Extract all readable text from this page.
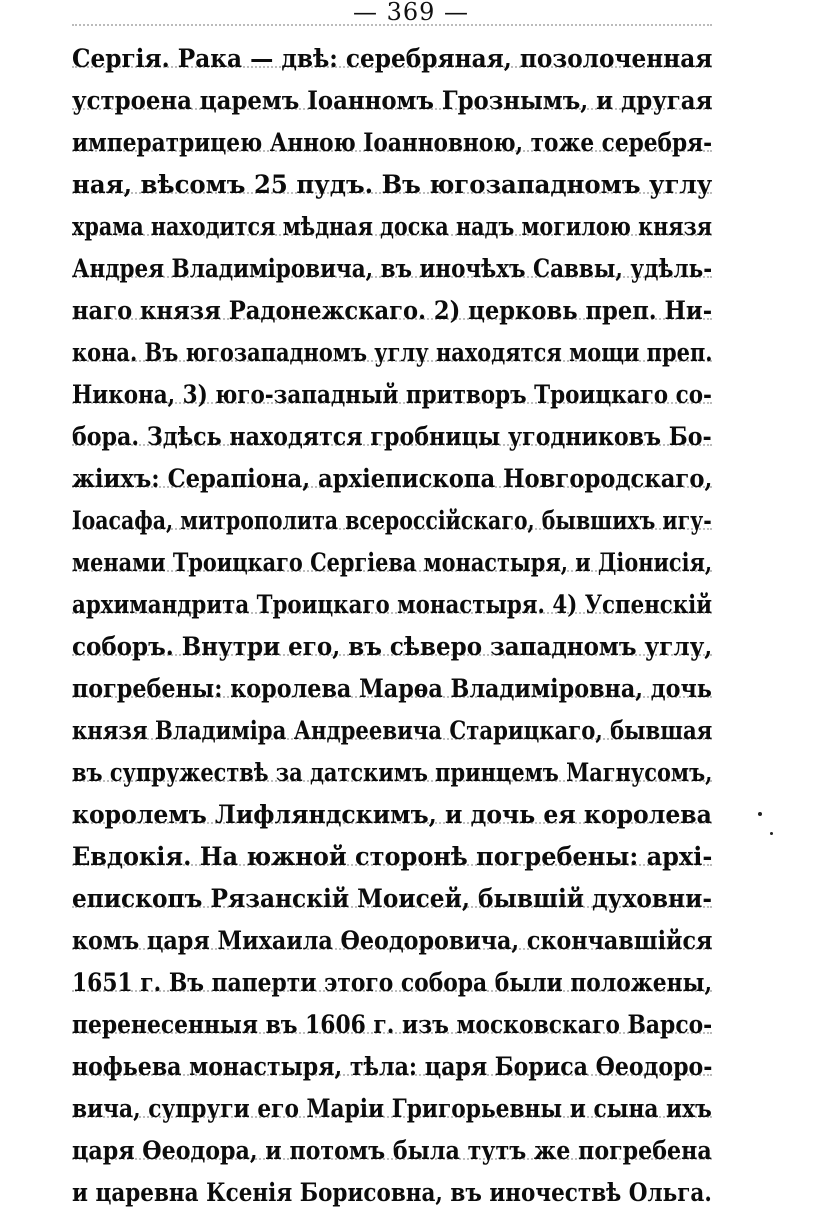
— 369 —
Сергія. Рака — двѣ: серебряная, позолоченная
устроена царемъ Іоанномъ Грознымъ, и другая
императрицею Анною Іоанновною, тоже серебря-
ная, вѣсомъ 25 пудъ. Въ югозападномъ углу
храма находится мѣдная доска надъ могилою князя
Андрея Владиміровича, въ иночѣхъ Саввы, удѣль-
наго князя Радонежскаго. 2) церковь преп. Ни-
кона. Въ югозападномъ углу находятся мощи преп.
Никона, 3) юго-западный притворъ Троицкаго со-
бора. Здѣсь находятся гробницы угодниковъ Бо-
жіихъ: Серапіона, архіепископа Новгородскаго,
Іоасафа, митрополита всероссійскаго, бывшихъ игу-
менами Троицкаго Сергіева монастыря, и Діонисія,
архимандрита Троицкаго монастыря. 4) Успенскій
соборъ. Внутри его, въ сѣверо западномъ углу,
погребены: королева Марѳа Владиміровна, дочь
князя Владиміра Андреевича Старицкаго, бывшая
въ супружествѣ за датскимъ принцемъ Магнусомъ,
королемъ Лифляндскимъ, и дочь ея королева
Евдокія. На южной сторонѣ погребены: архі-
епископъ Рязанскій Моисей, бывшій духовни-
комъ царя Михаила Ѳеодоровича, скончавшійся
1651 г. Въ паперти этого собора были положены,
перенесенныя въ 1606 г. изъ московскаго Варсо-
нофьева монастыря, тѣла: царя Бориса Ѳеодоро-
вича, супруги его Маріи Григорьевны и сына ихъ
царя Ѳеодора, и потомъ была тутъ же погребена
и царевна Ксенія Борисовна, въ иночествѣ Ольга.
